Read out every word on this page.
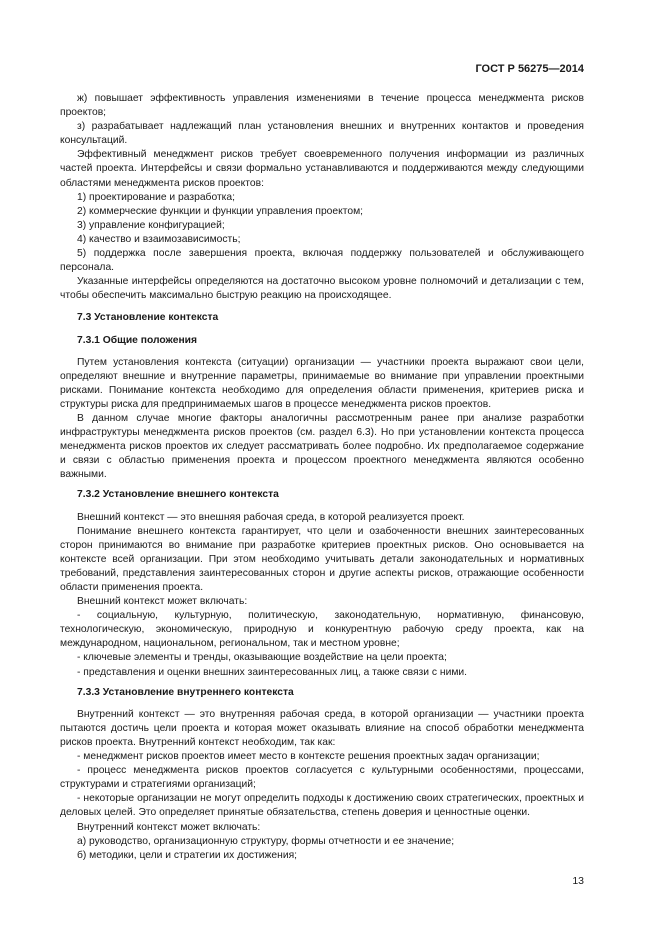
ГОСТ Р 56275—2014

ж) повышает эффективность управления изменениями в течение процесса менеджмента рисков проектов;

з) разрабатывает надлежащий план установления внешних и внутренних контактов и проведения консультаций.

Эффективный менеджмент рисков требует своевременного получения информации из различных частей проекта. Интерфейсы и связи формально устанавливаются и поддерживаются между следующими областями менеджмента рисков проектов:

1) проектирование и разработка;

2) коммерческие функции и функции управления проектом;

3) управление конфигурацией;

4) качество и взаимозависимость;

5) поддержка после завершения проекта, включая поддержку пользователей и обслуживающего персонала.

Указанные интерфейсы определяются на достаточно высоком уровне полномочий и детализации с тем, чтобы обеспечить максимально быструю реакцию на происходящее.

7.3 Установление контекста

7.3.1 Общие положения

Путем установления контекста (ситуации) организации — участники проекта выражают свои цели, определяют внешние и внутренние параметры, принимаемые во внимание при управлении проектными рисками. Понимание контекста необходимо для определения области применения, критериев риска и структуры риска для предпринимаемых шагов в процессе менеджмента рисков проектов.

В данном случае многие факторы аналогичны рассмотренным ранее при анализе разработки инфраструктуры менеджмента рисков проектов (см. раздел 6.3). Но при установлении контекста процесса менеджмента рисков проектов их следует рассматривать более подробно. Их предполагаемое содержание и связи с областью применения проекта и процессом проектного менеджмента являются особенно важными.

7.3.2 Установление внешнего контекста

Внешний контекст — это внешняя рабочая среда, в которой реализуется проект.

Понимание внешнего контекста гарантирует, что цели и озабоченности внешних заинтересованных сторон принимаются во внимание при разработке критериев проектных рисков. Оно основывается на контексте всей организации. При этом необходимо учитывать детали законодательных и нормативных требований, представления заинтересованных сторон и другие аспекты рисков, отражающие особенности области применения проекта.

Внешний контекст может включать:

- социальную, культурную, политическую, законодательную, нормативную, финансовую, технологическую, экономическую, природную и конкурентную рабочую среду проекта, как на международном, национальном, региональном, так и местном уровне;

- ключевые элементы и тренды, оказывающие воздействие на цели проекта;

- представления и оценки внешних заинтересованных лиц, а также связи с ними.

7.3.3 Установление внутреннего контекста

Внутренний контекст — это внутренняя рабочая среда, в которой организации — участники проекта пытаются достичь цели проекта и которая может оказывать влияние на способ обработки менеджмента рисков проекта. Внутренний контекст необходим, так как:

- менеджмент рисков проектов имеет место в контексте решения проектных задач организации;

- процесс менеджмента рисков проектов согласуется с культурными особенностями, процессами, структурами и стратегиями организаций;

- некоторые организации не могут определить подходы к достижению своих стратегических, проектных и деловых целей. Это определяет принятые обязательства, степень доверия и ценностные оценки.

Внутренний контекст может включать:

а) руководство, организационную структуру, формы отчетности и ее значение;

б) методики, цели и стратегии их достижения;

13
